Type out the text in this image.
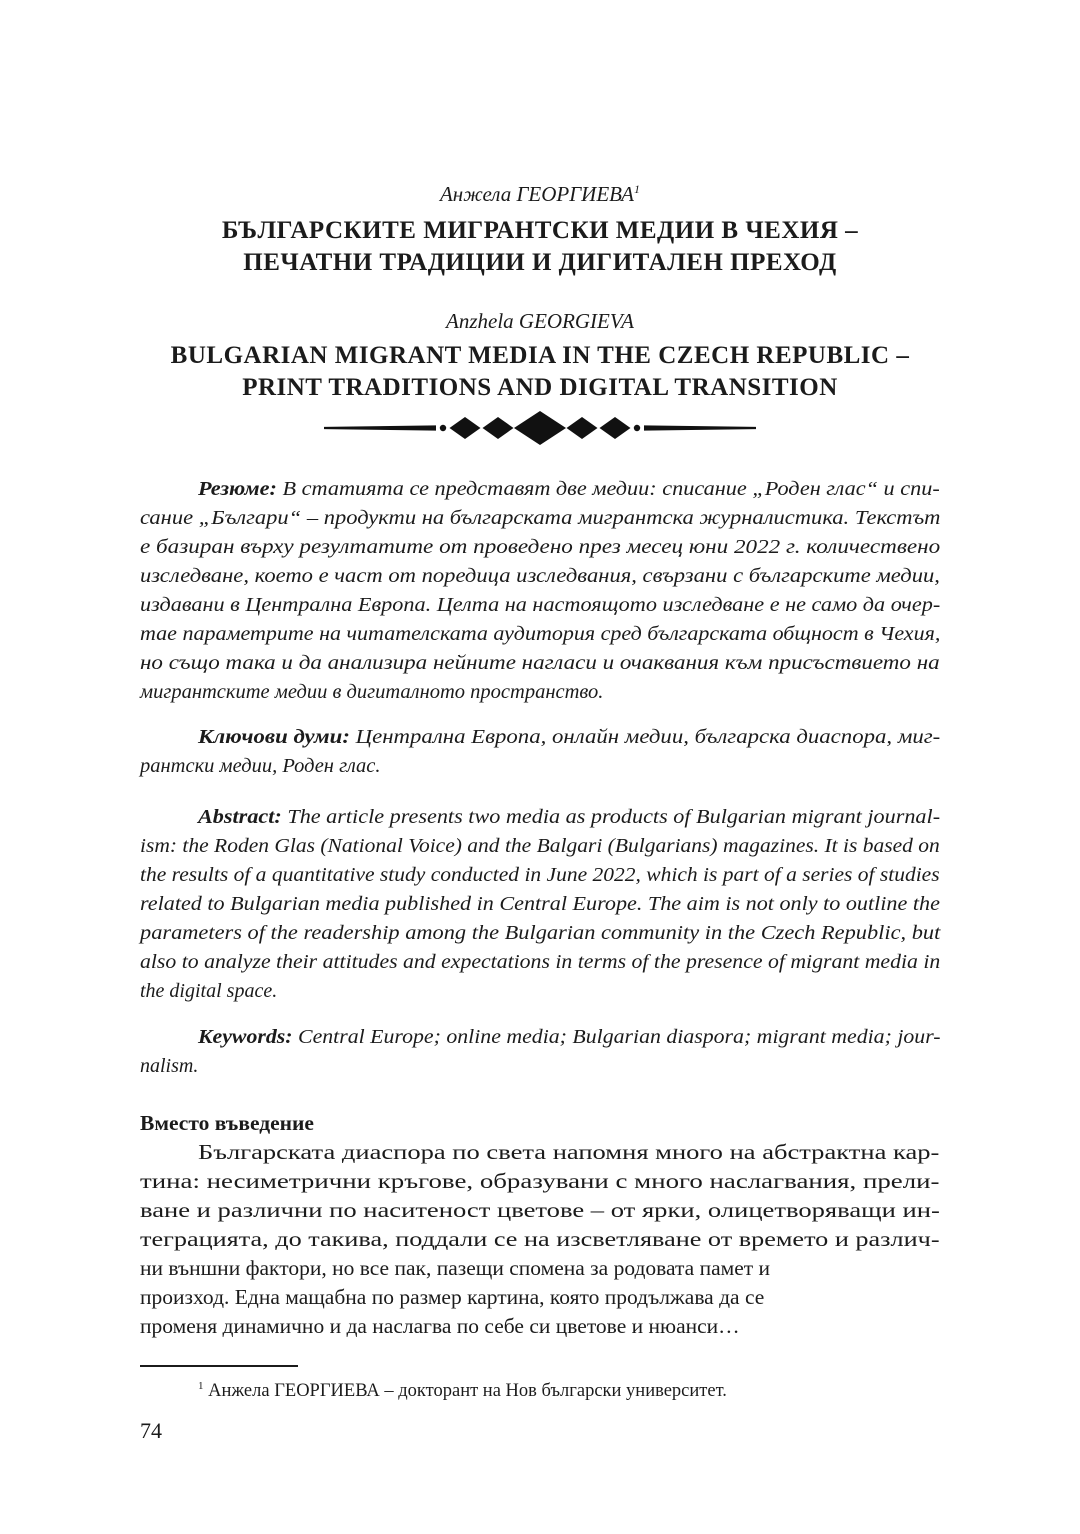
Анжела ГЕОРГИЕВА$^1$
БЪЛГАРСКИТЕ МИГРАНТСКИ МЕДИИ В ЧЕХИЯ –
ПЕЧАТНИ ТРАДИЦИИ И ДИГИТАЛЕН ПРЕХОД
Anzhela GEORGIEVA
BULGARIAN MIGRANT MEDIA IN THE CZECH REPUBLIC –
PRINT TRADITIONS AND DIGITAL TRANSITION
Резюме: В статията се представят две медии: списание „Роден глас“ и спи-
сание „Българи“ – продукти на българската мигрантска журналистика. Текстът
е базиран върху резултатите от проведено през месец юни 2022 г. количествено
изследване, което е част от поредица изследвания, свързани с българските медии,
издавани в Централна Европа. Целта на настоящото изследване е не само да очер-
тае параметрите на читателската аудитория сред българската общност в Чехия,
но също така и да анализира нейните нагласи и очаквания към присъствието на
мигрантските медии в дигиталното пространство.
Ключови думи: Централна Европа, онлайн медии, българска диаспора, миг-
рантски медии, Роден глас.
Abstract: The article presents two media as products of Bulgarian migrant journal-
ism: the Roden Glas (National Voice) and the Balgari (Bulgarians) magazines. It is based on
the results of a quantitative study conducted in June 2022, which is part of a series of studies
related to Bulgarian media published in Central Europe. The aim is not only to outline the
parameters of the readership among the Bulgarian community in the Czech Republic, but
also to analyze their attitudes and expectations in terms of the presence of migrant media in
the digital space.
Keywords: Central Europe; online media; Bulgarian diaspora; migrant media; jour-
nalism.
Вместо въведение
Българската диаспора по света напомня много на абстрактна кар-
тина: несиметрични кръгове, образувани с много наслагвания, прели-
ване и различни по наситеност цветове – от ярки, олицетворяващи ин-
теграцията, до такива, поддали се на изсветляване от времето и различ-
ни външни фактори, но все пак, пазещи спомена за родовата памет и
произход. Една мащабна по размер картина, която продължава да се
променя динамично и да наслагва по себе си цветове и нюанси…
$^1$ Анжела ГЕОРГИЕВА – докторант на Нов български университет.
74
